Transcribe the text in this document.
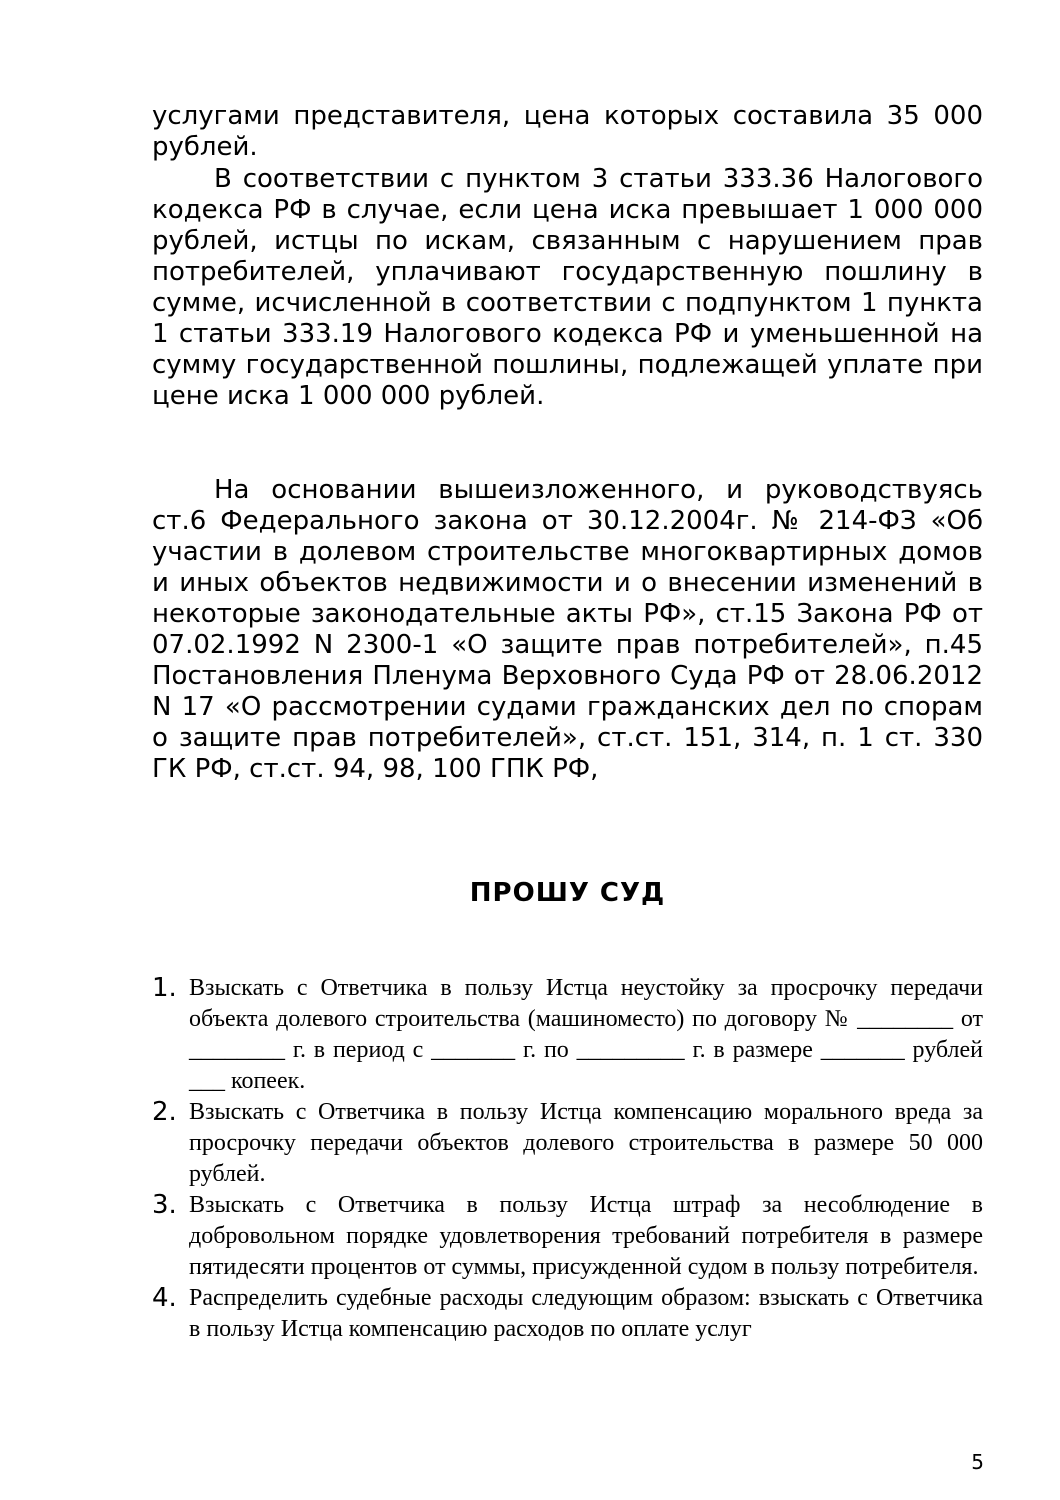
услугами представителя, цена которых составила 35 000 рублей.

В соответствии с пунктом 3 статьи 333.36 Налогового кодекса РФ в случае, если цена иска превышает 1 000 000 рублей, истцы по искам, связанным с нарушением прав потребителей, уплачивают государственную пошлину в сумме, исчисленной в соответствии с подпунктом 1 пункта 1 статьи 333.19 Налогового кодекса РФ и уменьшенной на сумму государственной пошлины, подлежащей уплате при цене иска 1 000 000 рублей.

На основании вышеизложенного, и руководствуясь ст.6 Федерального закона от 30.12.2004г. № 214-ФЗ «Об участии в долевом строительстве многоквартирных домов и иных объектов недвижимости и о внесении изменений в некоторые законодательные акты РФ», ст.15 Закона РФ от 07.02.1992 N 2300-1 «О защите прав потребителей», п.45 Постановления Пленума Верховного Суда РФ от 28.06.2012 N 17 «О рассмотрении судами гражданских дел по спорам о защите прав потребителей», ст.ст. 151, 314, п. 1 ст. 330 ГК РФ, ст.ст. 94, 98, 100 ГПК РФ,

ПРОШУ СУД
1. Взыскать с Ответчика в пользу Истца неустойку за просрочку передачи объекта долевого строительства (машиноместо) по договору № ________ от ________ г. в период с _______ г. по _________ г. в размере _______ рублей ___ копеек.
2. Взыскать с Ответчика в пользу Истца компенсацию морального вреда за просрочку передачи объектов долевого строительства в размере 50 000 рублей.
3. Взыскать с Ответчика в пользу Истца штраф за несоблюдение в добровольном порядке удовлетворения требований потребителя в размере пятидесяти процентов от суммы, присужденной судом в пользу потребителя.
4. Распределить судебные расходы следующим образом: взыскать с Ответчика в пользу Истца компенсацию расходов по оплате услуг
5
